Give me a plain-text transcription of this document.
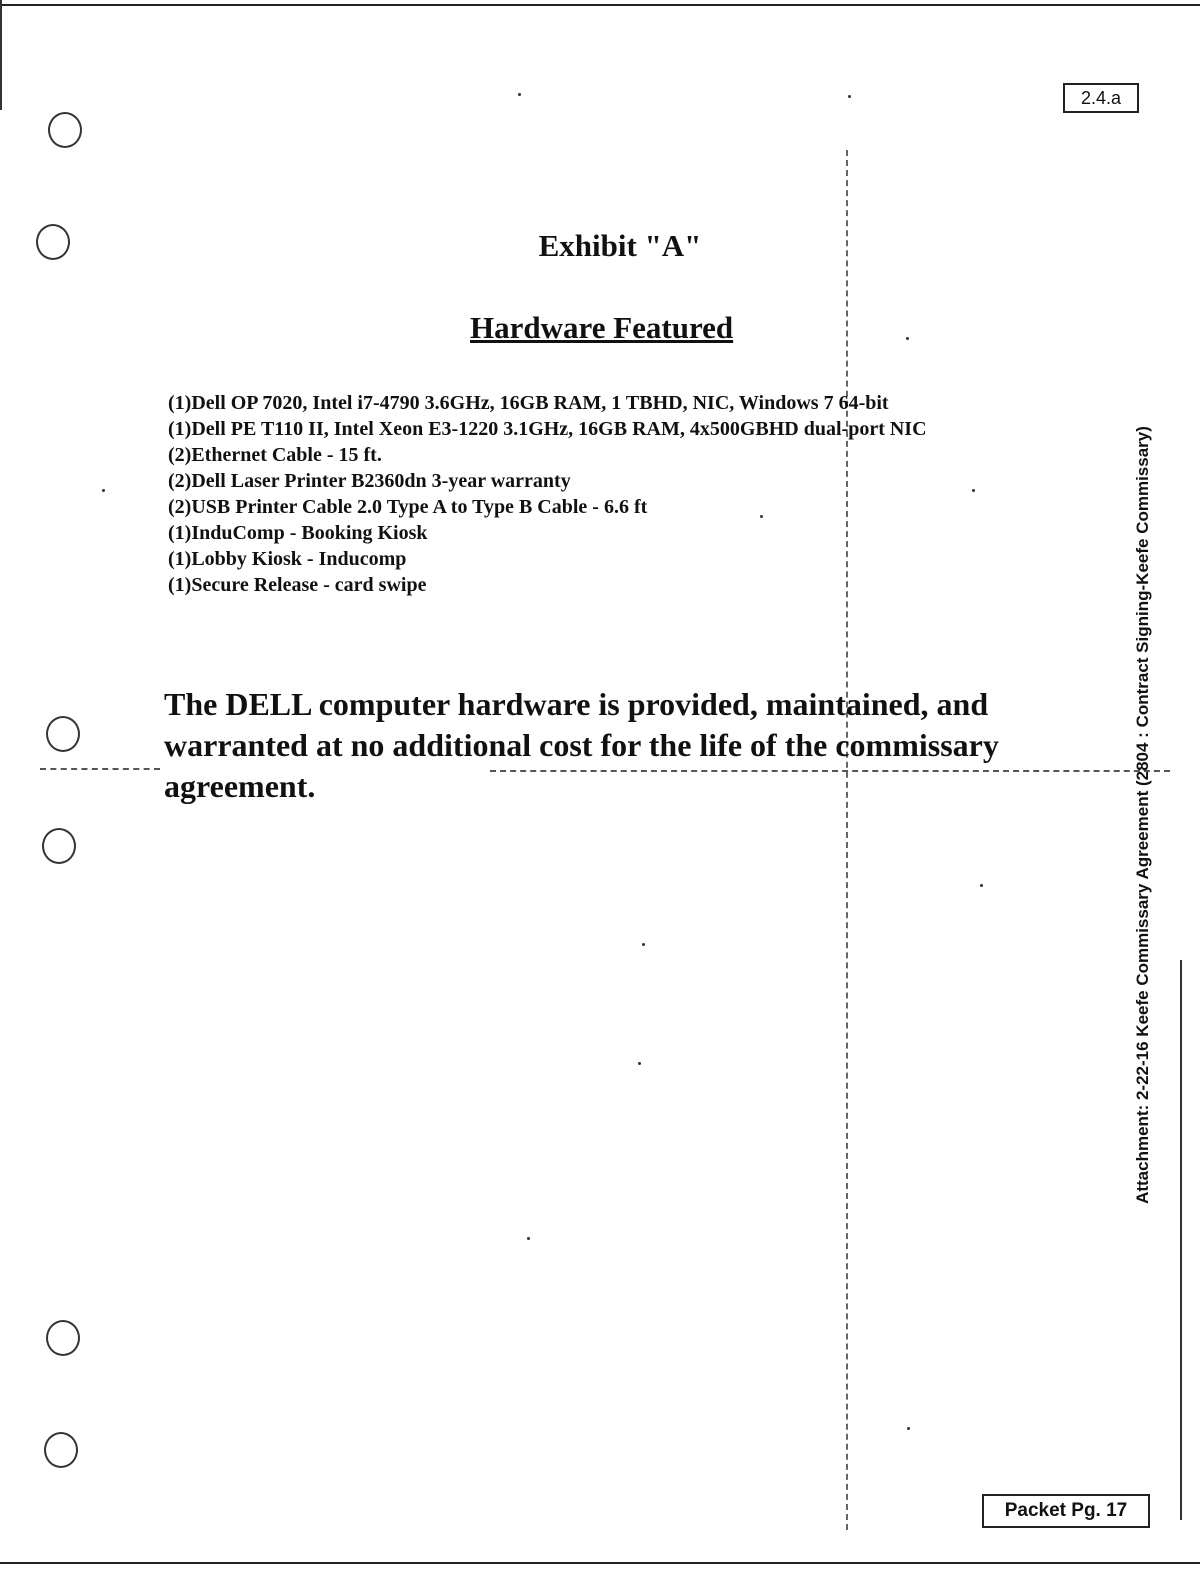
2.4.a
Exhibit "A"
Hardware Featured
(1)Dell OP 7020, Intel i7-4790 3.6GHz, 16GB RAM, 1 TBHD, NIC, Windows 7 64-bit
(1)Dell PE T110 II, Intel Xeon E3-1220 3.1GHz, 16GB RAM, 4x500GBHD dual-port NIC
(2)Ethernet Cable - 15 ft.
(2)Dell Laser Printer B2360dn 3-year warranty
(2)USB Printer Cable 2.0 Type A to Type B Cable - 6.6 ft
(1)InduComp - Booking Kiosk
(1)Lobby Kiosk - Inducomp
(1)Secure Release - card swipe

The DELL computer hardware is provided, maintained, and warranted at no additional cost for the life of the commissary agreement.	Attachment: 2-22-16 Keefe Commissary Agreement (2804 : Contract Signing-Keefe Commissary)
Packet Pg. 17
